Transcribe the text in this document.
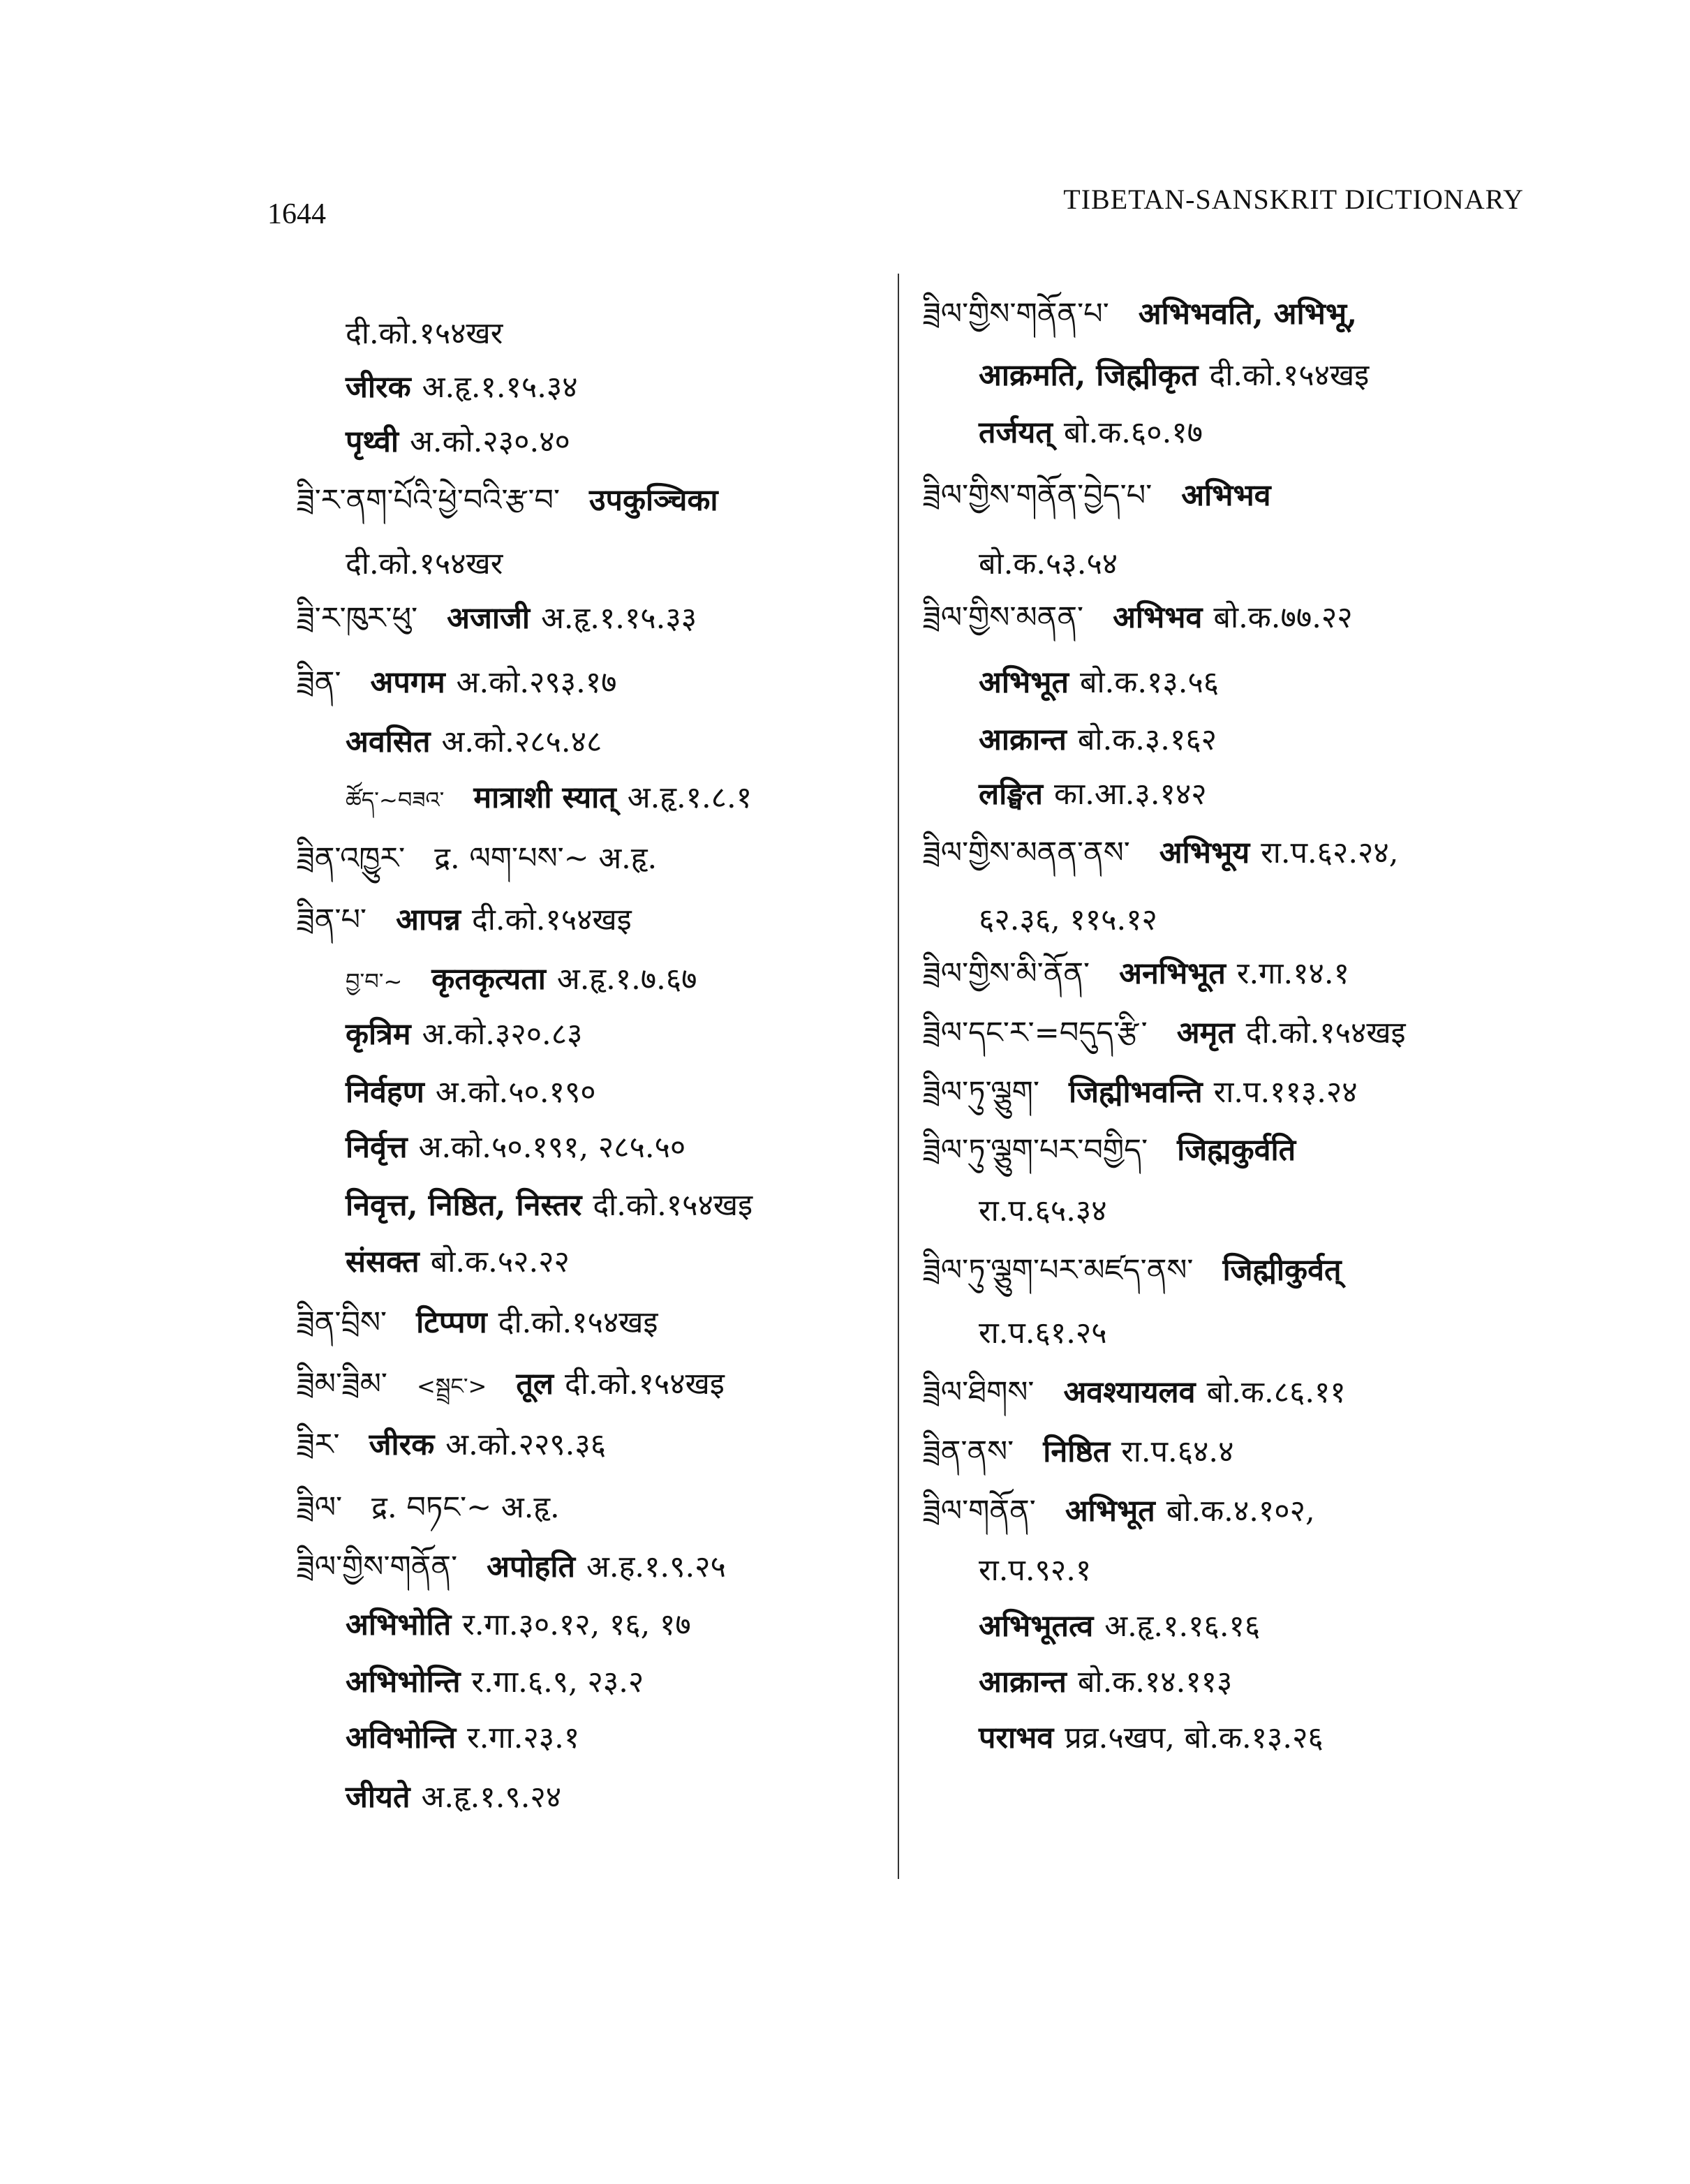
1644	TIBETAN-SANSKRIT DICTIONARY
दी.को.१५४खर
जीरक अ.हृ.१.१५.३४
पृथ्वी अ.को.२३०.४०
ཟྲི་ར་ནག་པོའི་ཕྱེ་བའི་རྩ་བ་ उपकुञ्चिका
दी.को.१५४खर
ཟྲི་ར་ཁུར་ཕུ་ अजाजी अ.हृ.१.१५.३३
ཟྲིན་ अपगम अ.को.२९३.१७
अवसित अ.को.२८५.४८
ཚོད་~བཟའ་ मात्राशी स्यात् अ.हृ.१.८.१
ཟྲིན་འཁྱུར་ द्र. ལག་པས་~ अ.हृ.
ཟྲིན་པ་ आपन्न दी.को.१५४खइ
བྱ་བ་~ कृतकृत्यता अ.हृ.१.७.६७
कृत्रिम अ.को.३२०.८३
निर्वहण अ.को.५०.१९०
निर्वृत्त अ.को.५०.१९१, २८५.५०
निवृत्त, निष्ठित, निस्तर दी.को.१५४खइ
संसक्त बो.क.५२.२२
ཟྲིན་བྲིས་ टिप्पण दी.को.१५४खइ
ཟྲིམ་ཟྲིམ་ <སྦྲང་> तूल दी.को.१५४खइ
ཟྲིར་ जीरक अ.को.२२९.३६
ཟྲིལ་ द्र. བཏང་~ अ.हृ.
ཟྲིལ་གྱིས་གནོན་ अपोहति अ.ह.१.९.२५
अभिभोति र.गा.३०.१२, १६, १७
अभिभोन्ति र.गा.६.९, २३.२
अविभोन्ति र.गा.२३.१
जीयते अ.हृ.१.९.२४
ཟྲིལ་གྱིས་གནོན་པ་ अभिभवति, अभिभू,
आक्रमति, जिह्मीकृत दी.को.१५४खइ
तर्जयत् बो.क.६०.१७
ཟྲིལ་གྱིས་གནོན་བྱེད་པ་ अभिभव
बो.क.५३.५४
ཟྲིལ་གྱིས་མནན་ अभिभव बो.क.७७.२२
अभिभूत बो.क.१३.५६
आक्रान्त बो.क.३.१६२
लङ्घित का.आ.३.१४२
ཟྲིལ་གྱིས་མནན་ནས་ अभिभूय रा.प.६२.२४,
६२.३६, ११५.१२
ཟྲིལ་གྱིས་མི་ནོན་ अनभिभूत र.गा.१४.१
ཟྲིལ་དང་ར་=བདུད་རྩི་ अमृत दी.को.१५४खइ
ཟྲིལ་ཏུ་ལྕུག་ जिह्मीभवन्ति रा.प.११३.२४
ཟྲིལ་ཏུ་ལྕུག་པར་བགྱིད་ जिह्मकुर्वति
रा.प.६५.३४
ཟྲིལ་ཏུ་ལྕུག་པར་མཛད་ནས་ जिह्मीकुर्वत्
रा.प.६१.२५
ཟྲིལ་ཐིགས་ अवश्यायलव बो.क.८६.११
ཟྲིན་ནས་ निष्ठित रा.प.६४.४
ཟྲིལ་གནོན་ अभिभूत बो.क.४.१०२,
रा.प.९२.१
अभिभूतत्व अ.हृ.१.१६.१६
आक्रान्त बो.क.१४.११३
पराभव प्रव्र.५खप, बो.क.१३.२६
